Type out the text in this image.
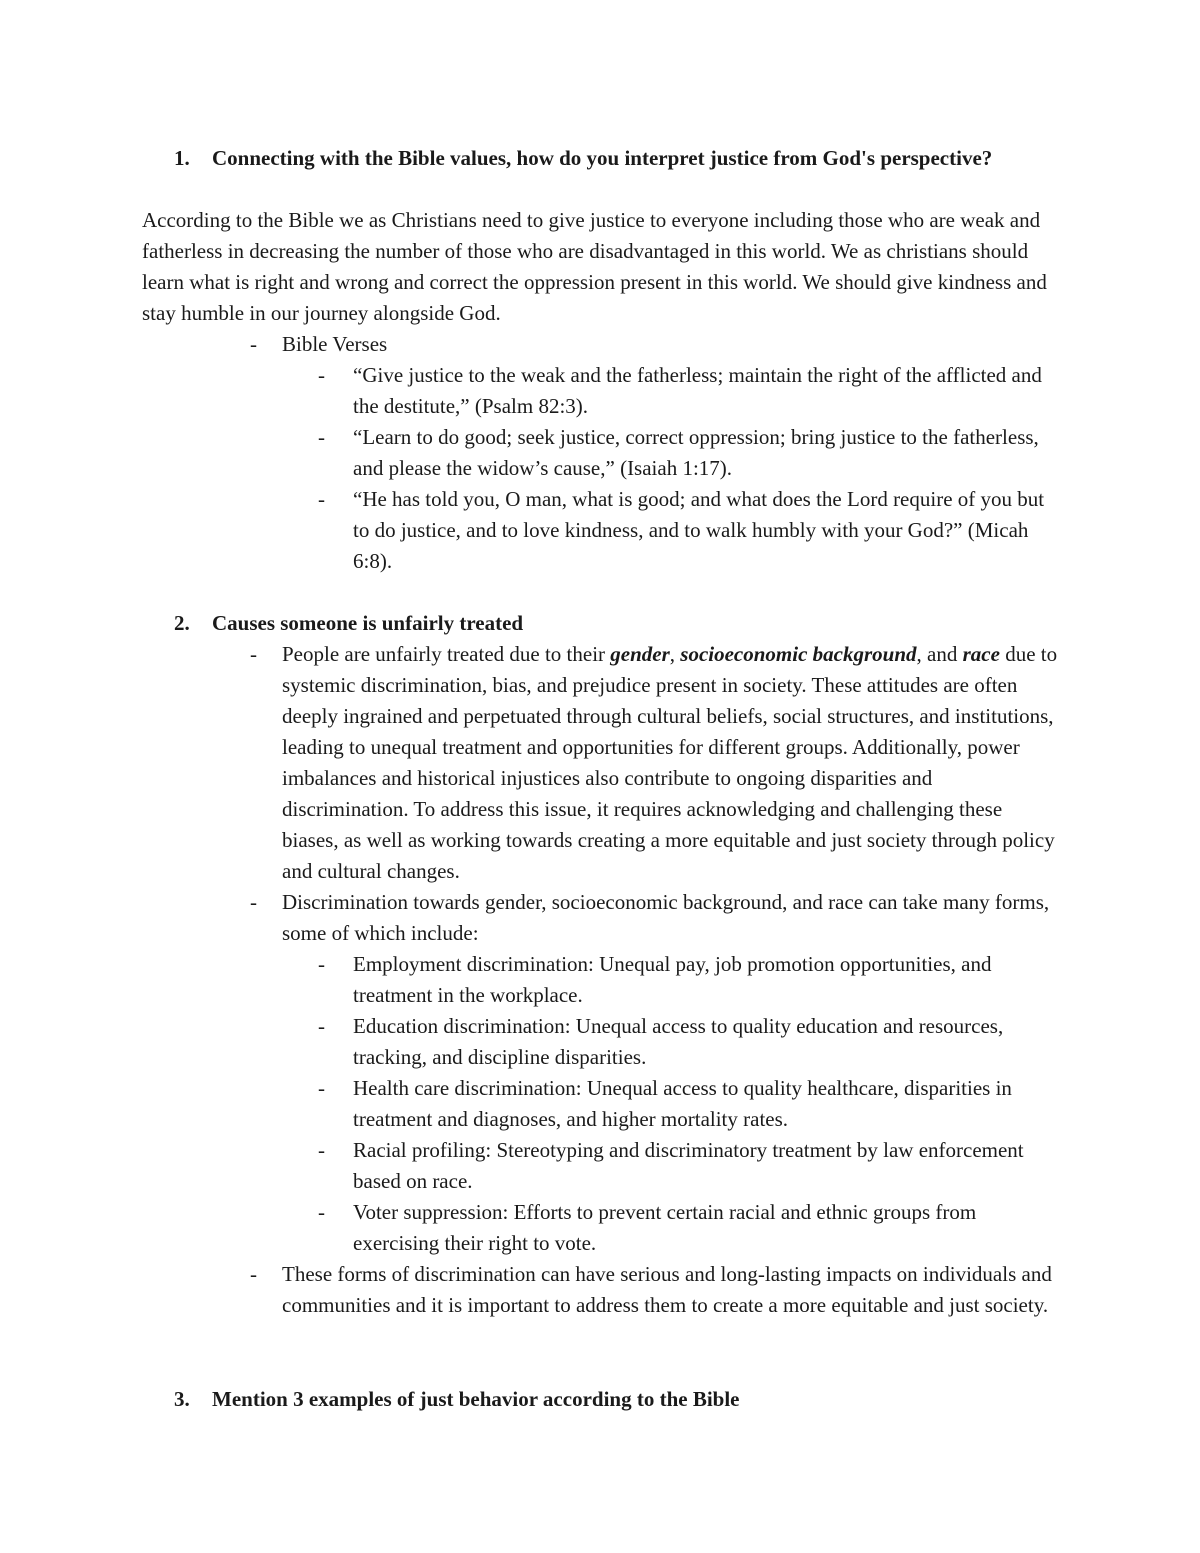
1. Connecting with the Bible values, how do you interpret justice from God's perspective?
According to the Bible we as Christians need to give justice to everyone including those who are weak and fatherless in decreasing the number of those who are disadvantaged in this world. We as christians should learn what is right and wrong and correct the oppression present in this world. We should give kindness and stay humble in our journey alongside God.
- Bible Verses
- “Give justice to the weak and the fatherless; maintain the right of the afflicted and the destitute,” (Psalm 82:3).
- “Learn to do good; seek justice, correct oppression; bring justice to the fatherless, and please the widow’s cause,” (Isaiah 1:17).
- “He has told you, O man, what is good; and what does the Lord require of you but to do justice, and to love kindness, and to walk humbly with your God?” (Micah 6:8).
2. Causes someone is unfairly treated
- People are unfairly treated due to their gender, socioeconomic background, and race due to systemic discrimination, bias, and prejudice present in society. These attitudes are often deeply ingrained and perpetuated through cultural beliefs, social structures, and institutions, leading to unequal treatment and opportunities for different groups. Additionally, power imbalances and historical injustices also contribute to ongoing disparities and discrimination. To address this issue, it requires acknowledging and challenging these biases, as well as working towards creating a more equitable and just society through policy and cultural changes.
- Discrimination towards gender, socioeconomic background, and race can take many forms, some of which include:
- Employment discrimination: Unequal pay, job promotion opportunities, and treatment in the workplace.
- Education discrimination: Unequal access to quality education and resources, tracking, and discipline disparities.
- Health care discrimination: Unequal access to quality healthcare, disparities in treatment and diagnoses, and higher mortality rates.
- Racial profiling: Stereotyping and discriminatory treatment by law enforcement based on race.
- Voter suppression: Efforts to prevent certain racial and ethnic groups from exercising their right to vote.
- These forms of discrimination can have serious and long-lasting impacts on individuals and communities and it is important to address them to create a more equitable and just society.
3. Mention 3 examples of just behavior according to the Bible
